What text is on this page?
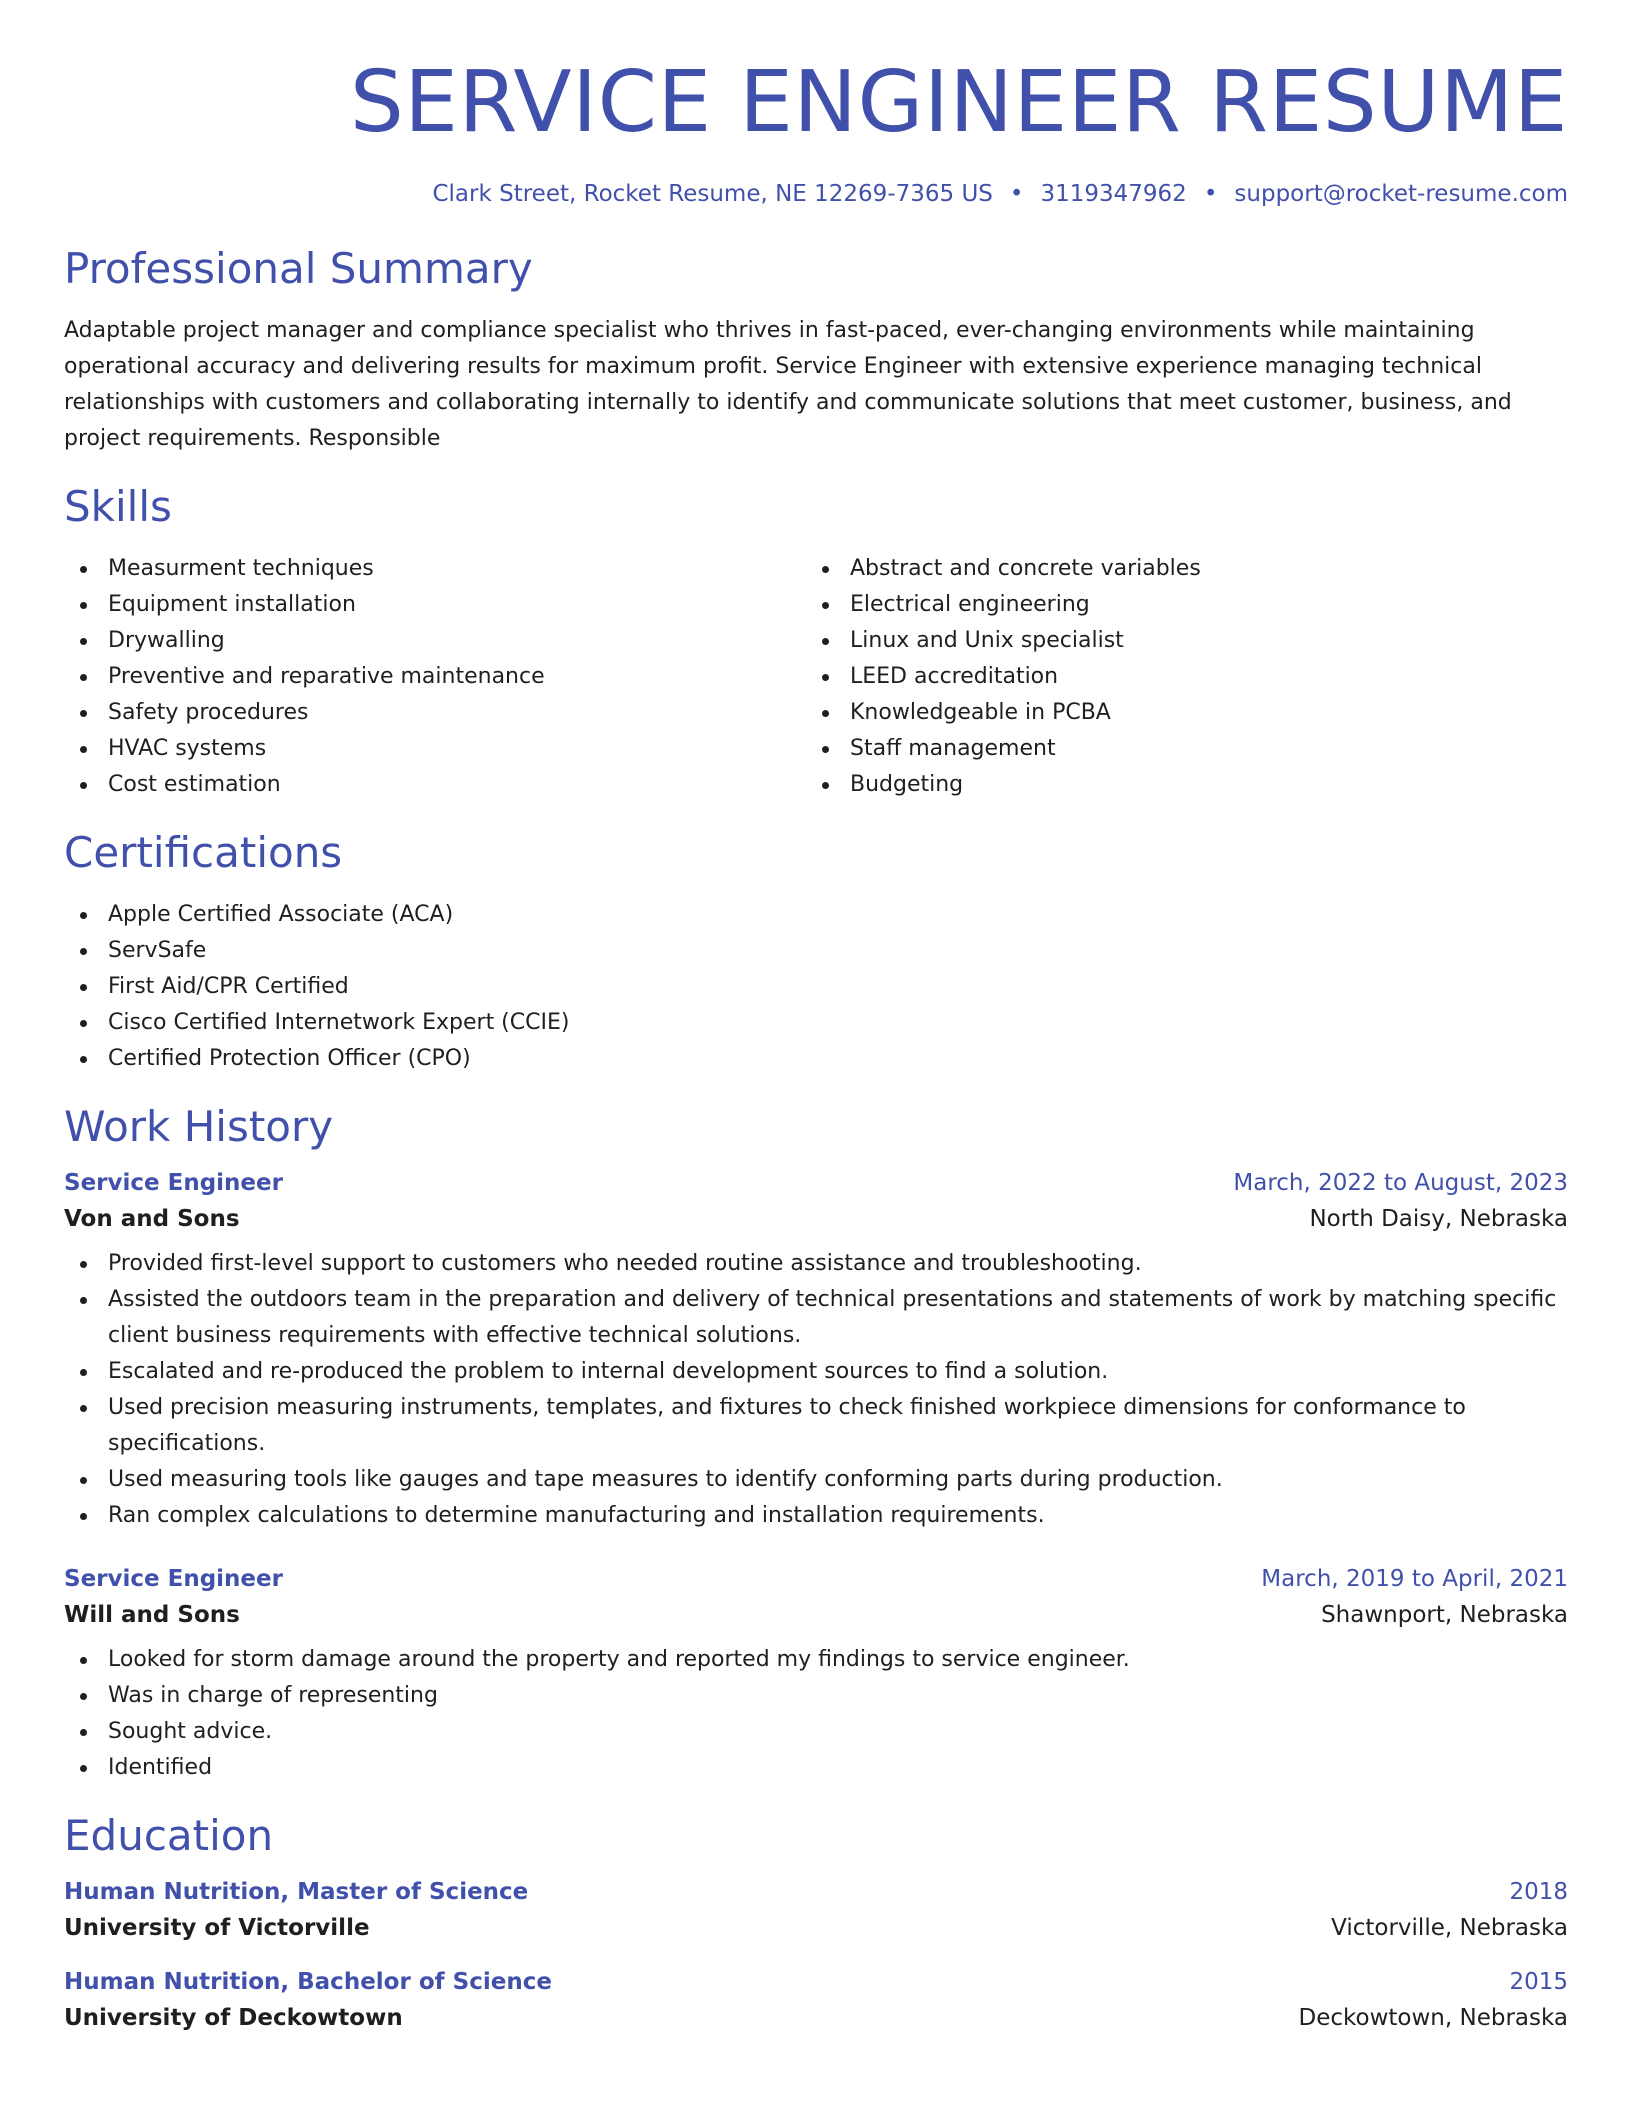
SERVICE ENGINEER RESUME
Clark Street, Rocket Resume, NE 12269-7365 US • 3119347962 • support@rocket-resume.com
Professional Summary

Adaptable project manager and compliance specialist who thrives in fast-paced, ever-changing environments while maintaining operational accuracy and delivering results for maximum profit. Service Engineer with extensive experience managing technical relationships with customers and collaborating internally to identify and communicate solutions that meet customer, business, and project requirements. Responsible

Skills
Measurment techniques
Equipment installation
Drywalling
Preventive and reparative maintenance
Safety procedures
HVAC systems
Cost estimation
Abstract and concrete variables
Electrical engineering
Linux and Unix specialist
LEED accreditation
Knowledgeable in PCBA
Staff management
Budgeting
Certifications
Apple Certified Associate (ACA)
ServSafe
First Aid/CPR Certified
Cisco Certified Internetwork Expert (CCIE)
Certified Protection Officer (CPO)
Work History
Service Engineer	March, 2022 to August, 2023
Von and Sons	North Daisy, Nebraska
Provided first-level support to customers who needed routine assistance and troubleshooting.
Assisted the outdoors team in the preparation and delivery of technical presentations and statements of work by matching specific client business requirements with effective technical solutions.
Escalated and re-produced the problem to internal development sources to find a solution.
Used precision measuring instruments, templates, and fixtures to check finished workpiece dimensions for conformance to specifications.
Used measuring tools like gauges and tape measures to identify conforming parts during production.
Ran complex calculations to determine manufacturing and installation requirements.
Service Engineer	March, 2019 to April, 2021
Will and Sons	Shawnport, Nebraska
Looked for storm damage around the property and reported my findings to service engineer.
Was in charge of representing
Sought advice.
Identified
Education
Human Nutrition, Master of Science	2018
University of Victorville	Victorville, Nebraska
Human Nutrition, Bachelor of Science	2015
University of Deckowtown	Deckowtown, Nebraska
